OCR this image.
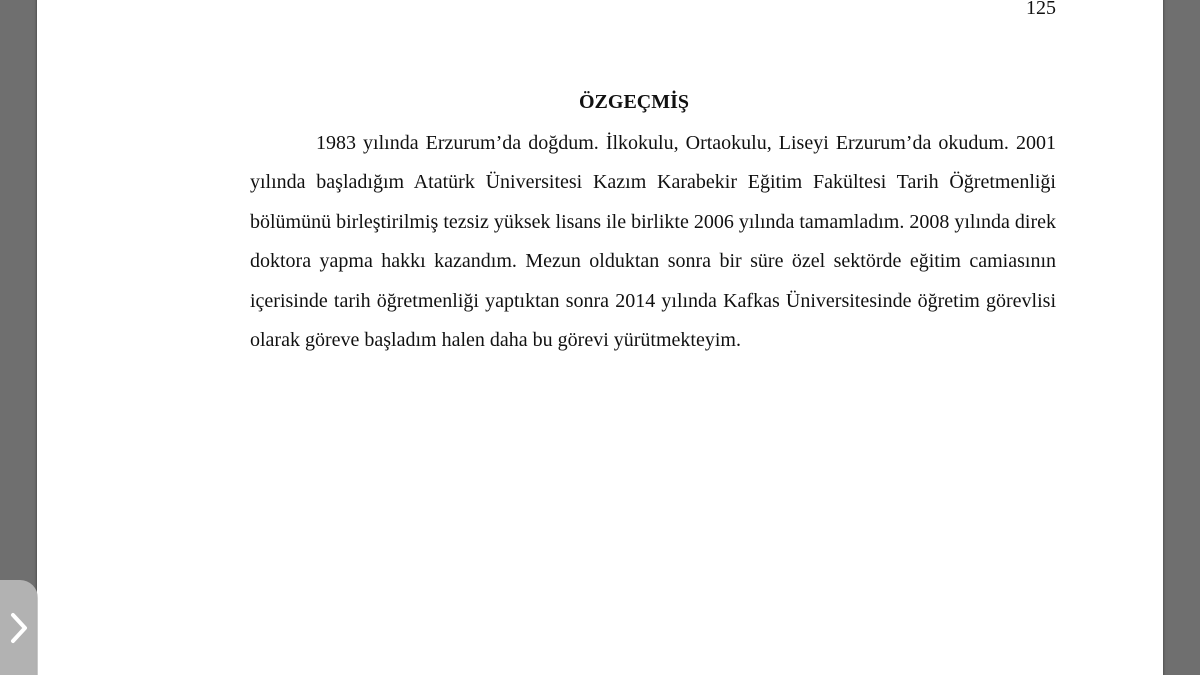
125
ÖZGEÇMİŞ

1983 yılında Erzurum’da doğdum. İlkokulu, Ortaokulu, Liseyi Erzurum’da okudum. 2001 yılında başladığım Atatürk Üniversitesi Kazım Karabekir Eğitim Fakültesi Tarih Öğretmenliği bölümünü birleştirilmiş tezsiz yüksek lisans ile birlikte 2006 yılında tamamladım. 2008 yılında direk doktora yapma hakkı kazandım. Mezun olduktan sonra bir süre özel sektörde eğitim camiasının içerisinde tarih öğretmenliği yaptıktan sonra 2014 yılında Kafkas Üniversitesinde öğretim görevlisi olarak göreve başladım halen daha bu görevi yürütmekteyim.
